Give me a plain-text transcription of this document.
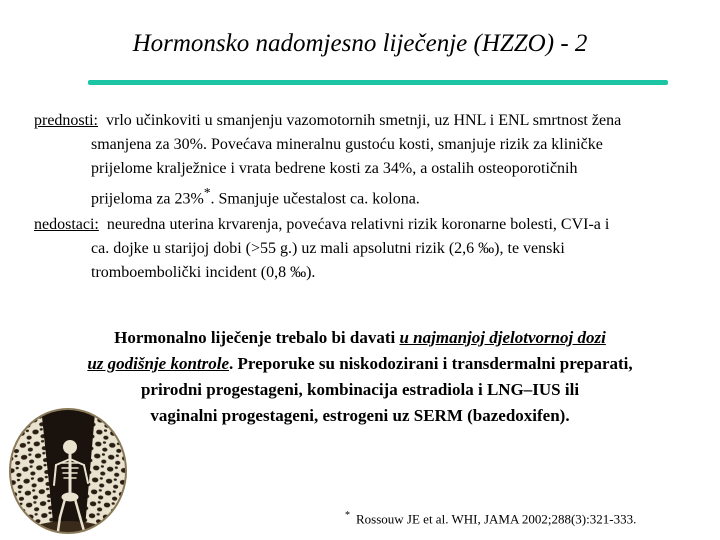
Hormonsko nadomjesno liječenje (HZZO) - 2
prednosti: vrlo učinkoviti u smanjenju vazomotornih smetnji, uz HNL i ENL smrtnost žena
smanjena za 30%. Povećava mineralnu gustoću kosti, smanjuje rizik za kliničke
prijelome kralježnice i vrata bedrene kosti za 34%, a ostalih osteoporotičnih
prijeloma za 23%*. Smanjuje učestalost ca. kolona.
nedostaci: neuredna uterina krvarenja, povećava relativni rizik koronarne bolesti, CVI-a i
ca. dojke u starijoj dobi (>55 g.) uz mali apsolutni rizik (2,6 ‰), te venski
tromboembolički incident (0,8 ‰).
Hormonalno liječenje trebalo bi davati u najmanjoj djelotvornoj dozi
uz godišnje kontrole. Preporuke su niskodozirani i transdermalni preparati,
prirodni progestageni, kombinacija estradiola i LNG–IUS ili
vaginalni progestageni, estrogeni uz SERM (bazedoxifen).
* Rossouw JE et al. WHI, JAMA 2002;288(3):321-333.
